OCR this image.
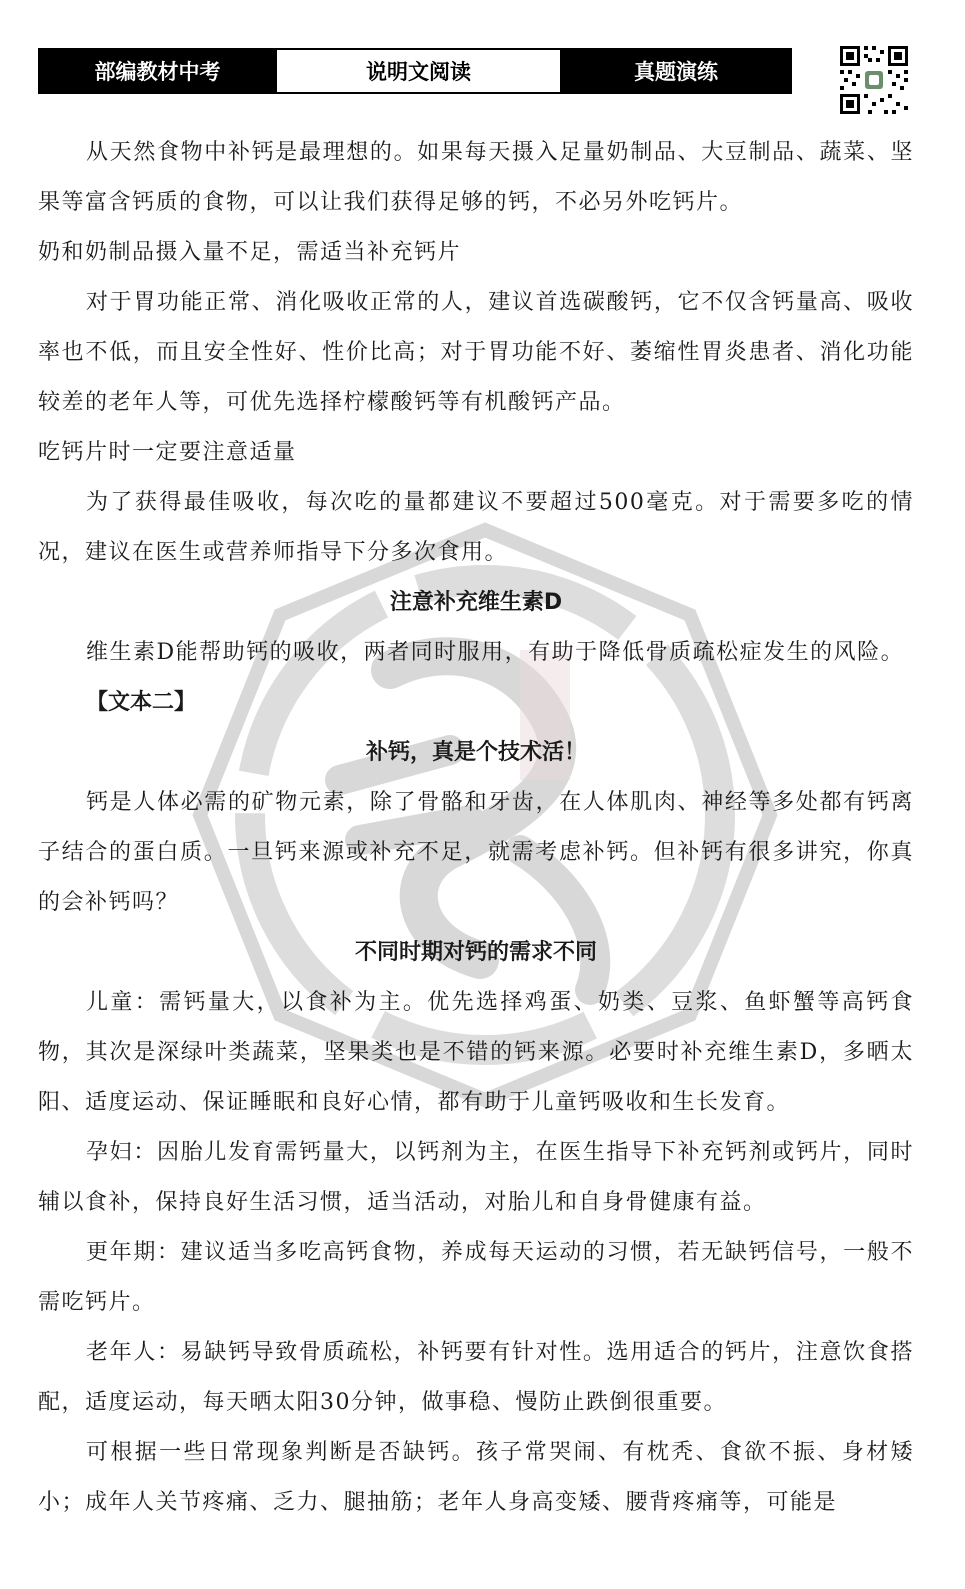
部编教材中考	说明文阅读	真题演练

从天然食物中补钙是最理想的。如果每天摄入足量奶制品、大豆制品、蔬菜、坚果等富含钙质的食物，可以让我们获得足够的钙，不必另外吃钙片。

奶和奶制品摄入量不足，需适当补充钙片

对于胃功能正常、消化吸收正常的人，建议首选碳酸钙，它不仅含钙量高、吸收率也不低，而且安全性好、性价比高；对于胃功能不好、萎缩性胃炎患者、消化功能较差的老年人等，可优先选择柠檬酸钙等有机酸钙产品。

吃钙片时一定要注意适量

为了获得最佳吸收，每次吃的量都建议不要超过500毫克。对于需要多吃的情况，建议在医生或营养师指导下分多次食用。

注意补充维生素D

维生素D能帮助钙的吸收，两者同时服用，有助于降低骨质疏松症发生的风险。

【文本二】

补钙，真是个技术活！

钙是人体必需的矿物元素，除了骨骼和牙齿，在人体肌肉、神经等多处都有钙离子结合的蛋白质。一旦钙来源或补充不足，就需考虑补钙。但补钙有很多讲究，你真的会补钙吗？

不同时期对钙的需求不同

儿童：需钙量大，以食补为主。优先选择鸡蛋、奶类、豆浆、鱼虾蟹等高钙食物，其次是深绿叶类蔬菜，坚果类也是不错的钙来源。必要时补充维生素D，多晒太阳、适度运动、保证睡眠和良好心情，都有助于儿童钙吸收和生长发育。

孕妇：因胎儿发育需钙量大，以钙剂为主，在医生指导下补充钙剂或钙片，同时辅以食补，保持良好生活习惯，适当活动，对胎儿和自身骨健康有益。

更年期：建议适当多吃高钙食物，养成每天运动的习惯，若无缺钙信号，一般不需吃钙片。

老年人：易缺钙导致骨质疏松，补钙要有针对性。选用适合的钙片，注意饮食搭配，适度运动，每天晒太阳30分钟，做事稳、慢防止跌倒很重要。

可根据一些日常现象判断是否缺钙。孩子常哭闹、有枕秃、食欲不振、身材矮小；成年人关节疼痛、乏力、腿抽筋；老年人身高变矮、腰背疼痛等，可能是
